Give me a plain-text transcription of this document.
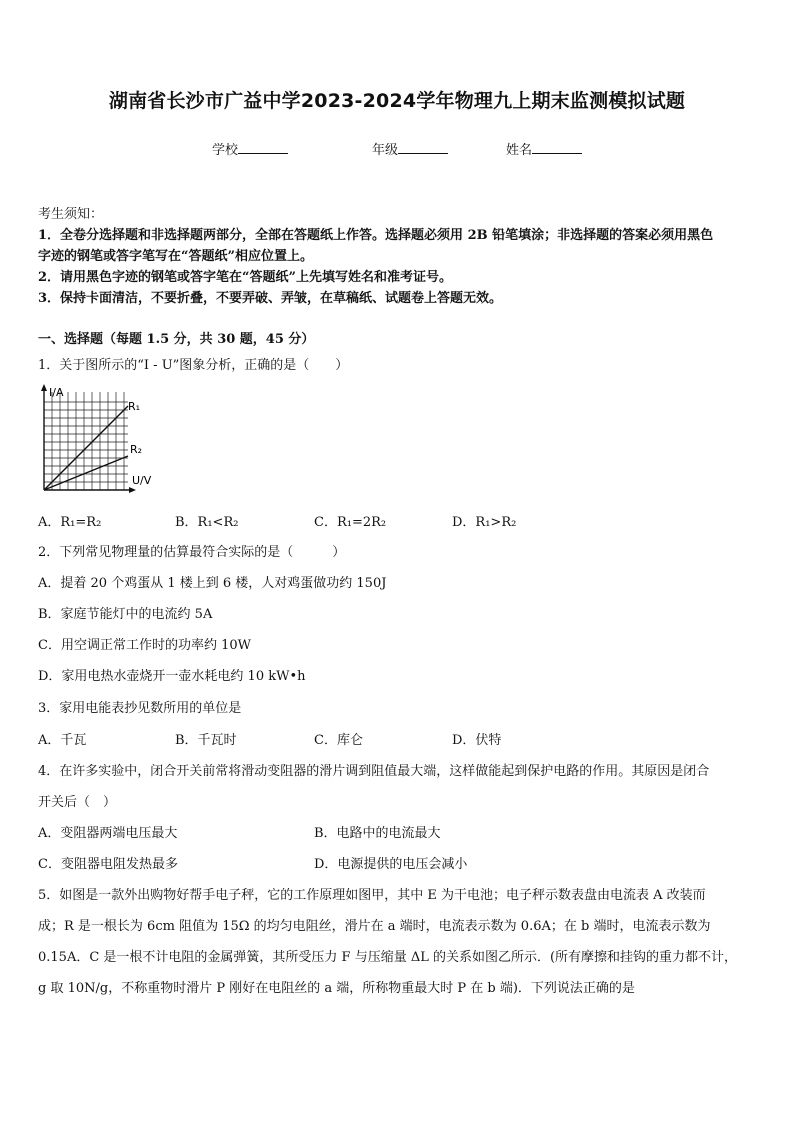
湖南省长沙市广益中学2023-2024学年物理九上期末监测模拟试题
学校	年级	姓名
考生须知：
1．全卷分选择题和非选择题两部分，全部在答题纸上作答。选择题必须用 2B 铅笔填涂；非选择题的答案必须用黑色
字迹的钢笔或答字笔写在“答题纸”相应位置上。
2．请用黑色字迹的钢笔或答字笔在“答题纸”上先填写姓名和准考证号。
3．保持卡面清洁，不要折叠，不要弄破、弄皱，在草稿纸、试题卷上答题无效。
一、选择题（每题 1.5 分，共 30 题，45 分）
1．关于图所示的“I - U”图象分析，正确的是（　　）
I/A
R₁
R₂
U/V
A．R₁=R₂	B．R₁<R₂	C．R₁=2R₂	D．R₁>R₂
2．下列常见物理量的估算最符合实际的是（　　　）
A．提着 20 个鸡蛋从 1 楼上到 6 楼，人对鸡蛋做功约 150J
B．家庭节能灯中的电流约 5A
C．用空调正常工作时的功率约 10W
D．家用电热水壶烧开一壶水耗电约 10 kW•h
3．家用电能表抄见数所用的单位是
A．千瓦	B．千瓦时	C．库仑	D．伏特
4．在许多实验中，闭合开关前常将滑动变阻器的滑片调到阻值最大端，这样做能起到保护电路的作用。其原因是闭合
开关后（　）
A．变阻器两端电压最大	B．电路中的电流最大
C．变阻器电阻发热最多	D．电源提供的电压会减小
5．如图是一款外出购物好帮手电子秤，它的工作原理如图甲，其中 E 为干电池；电子秤示数表盘由电流表 A 改装而
成；R 是一根长为 6cm 阻值为 15Ω 的均匀电阻丝，滑片在 a 端时，电流表示数为 0.6A；在 b 端时，电流表示数为
0.15A．C 是一根不计电阻的金属弹簧，其所受压力 F 与压缩量 ΔL 的关系如图乙所示．(所有摩擦和挂钩的重力都不计，
g 取 10N/g，不称重物时滑片 P 刚好在电阻丝的 a 端，所称物重最大时 P 在 b 端)．下列说法正确的是
